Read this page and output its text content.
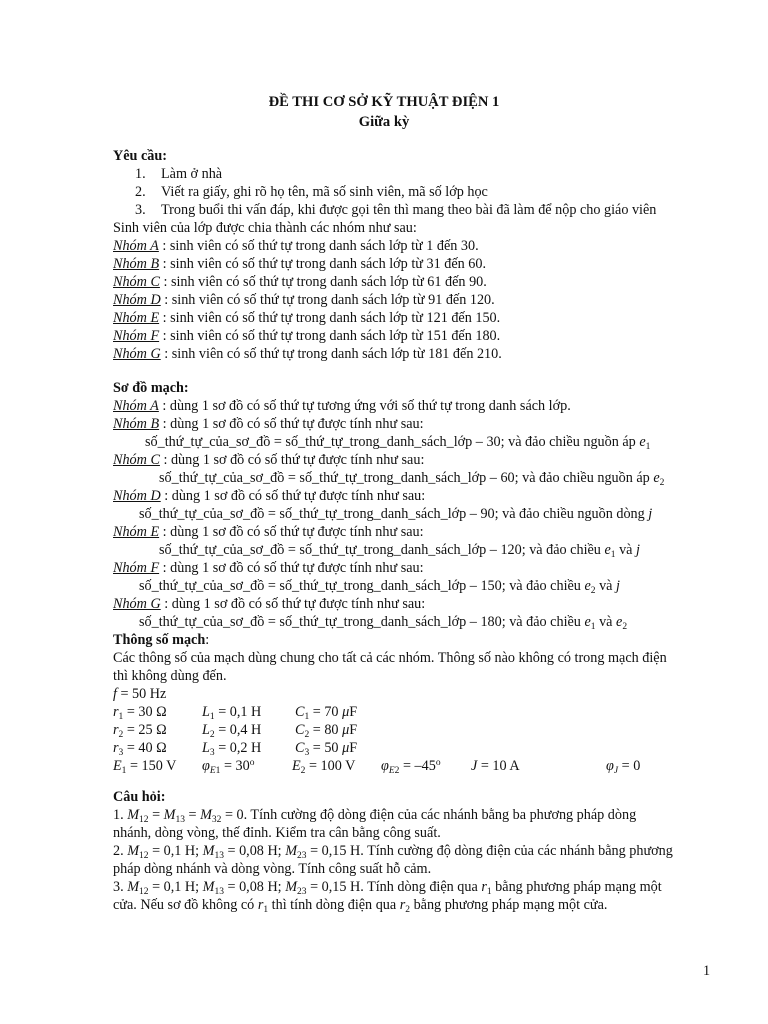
ĐỀ THI CƠ SỞ KỸ THUẬT ĐIỆN 1
Giữa kỳ
Yêu cầu:
1. Làm ở nhà
2. Viết ra giấy, ghi rõ họ tên, mã số sinh viên, mã số lớp học
3. Trong buổi thi vấn đáp, khi được gọi tên thì mang theo bài đã làm để nộp cho giáo viên
Sinh viên của lớp được chia thành các nhóm như sau:
Nhóm A : sinh viên có số thứ tự trong danh sách lớp từ 1 đến 30.
Nhóm B : sinh viên có số thứ tự trong danh sách lớp từ 31 đến 60.
Nhóm C : sinh viên có số thứ tự trong danh sách lớp từ 61 đến 90.
Nhóm D : sinh viên có số thứ tự trong danh sách lớp từ 91 đến 120.
Nhóm E : sinh viên có số thứ tự trong danh sách lớp từ 121 đến 150.
Nhóm F : sinh viên có số thứ tự trong danh sách lớp từ 151 đến 180.
Nhóm G : sinh viên có số thứ tự trong danh sách lớp từ 181 đến 210.
Sơ đồ mạch:
Nhóm A : dùng 1 sơ đồ có số thứ tự tương ứng với số thứ tự trong danh sách lớp.
Nhóm B : dùng 1 sơ đồ có số thứ tự được tính như sau:
số_thứ_tự_của_sơ_đồ = số_thứ_tự_trong_danh_sách_lớp – 30; và đảo chiều nguồn áp $e_1$
Nhóm C : dùng 1 sơ đồ có số thứ tự được tính như sau:
số_thứ_tự_của_sơ_đồ = số_thứ_tự_trong_danh_sách_lớp – 60; và đảo chiều nguồn áp $e_2$
Nhóm D : dùng 1 sơ đồ có số thứ tự được tính như sau:
số_thứ_tự_của_sơ_đồ = số_thứ_tự_trong_danh_sách_lớp – 90; và đảo chiều nguồn dòng j
Nhóm E : dùng 1 sơ đồ có số thứ tự được tính như sau:
số_thứ_tự_của_sơ_đồ = số_thứ_tự_trong_danh_sách_lớp – 120; và đảo chiều $e_1$ và j
Nhóm F : dùng 1 sơ đồ có số thứ tự được tính như sau:
số_thứ_tự_của_sơ_đồ = số_thứ_tự_trong_danh_sách_lớp – 150; và đảo chiều $e_2$ và j
Nhóm G : dùng 1 sơ đồ có số thứ tự được tính như sau:
số_thứ_tự_của_sơ_đồ = số_thứ_tự_trong_danh_sách_lớp – 180; và đảo chiều $e_1$ và $e_2$
Thông số mạch:
Các thông số của mạch dùng chung cho tất cả các nhóm. Thông số nào không có trong mạch điện
thì không dùng đến.
f = 50 Hz
$r_1 = 30$ Ω $L_1 = 0,1$ H $C_1 = 70$ μF
$r_2 = 25$ Ω $L_2 = 0,4$ H $C_2 = 80$ μF
$r_3 = 40$ Ω $L_3 = 0,2$ H $C_3 = 50$ μF
$E_1 = 150$ V $\varphi_{E1} = 30^o$	$E_2 = 100$ V $\varphi_{E2} = -45^o$ J = 10 A	$\varphi_J = 0$
Câu hỏi:
1. $M_{12} = M_{13} = M_{32} = 0$. Tính cường độ dòng điện của các nhánh bằng ba phương pháp dòng
nhánh, dòng vòng, thế đỉnh. Kiểm tra cân bằng công suất.
2. $M_{12} = 0,1$ H; $M_{13} = 0,08$ H; $M_{23} = 0,15$ H. Tính cường độ dòng điện của các nhánh bằng phương
pháp dòng nhánh và dòng vòng. Tính công suất hỗ cảm.
3. $M_{12} = 0,1$ H; $M_{13} = 0,08$ H; $M_{23} = 0,15$ H. Tính dòng điện qua $r_1$ bằng phương pháp mạng một
cửa. Nếu sơ đồ không có $r_1$ thì tính dòng điện qua $r_2$ bằng phương pháp mạng một cửa.
1
